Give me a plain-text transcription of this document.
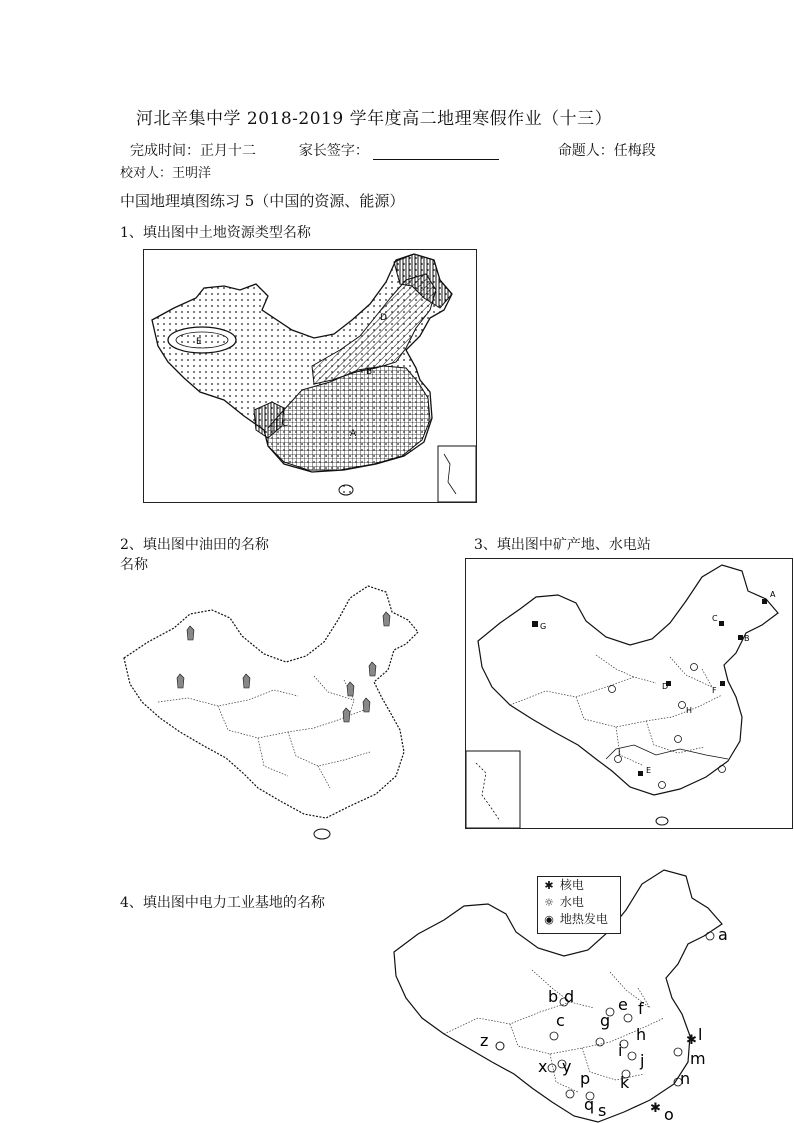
河北辛集中学 2018-2019 学年度高二地理寒假作业（十三）
完成时间：正月十二	家长签字：	命题人：任梅段
校对人：王明洋
中国地理填图练习 5（中国的资源、能源）
1、填出图中土地资源类型名称
A
B
C
D
E
2、填出图中油田的名称
名称
3、填出图中矿产地、水电站
A
B
C
D
E
F
G
H
I
4、填出图中电力工业基地的名称
✱
✱
a
b
c
d	e f
g
h
i
j
k
l
m
n
o
p
q s
x y
z
✱ 核电
☼ 水电
◉ 地热发电
